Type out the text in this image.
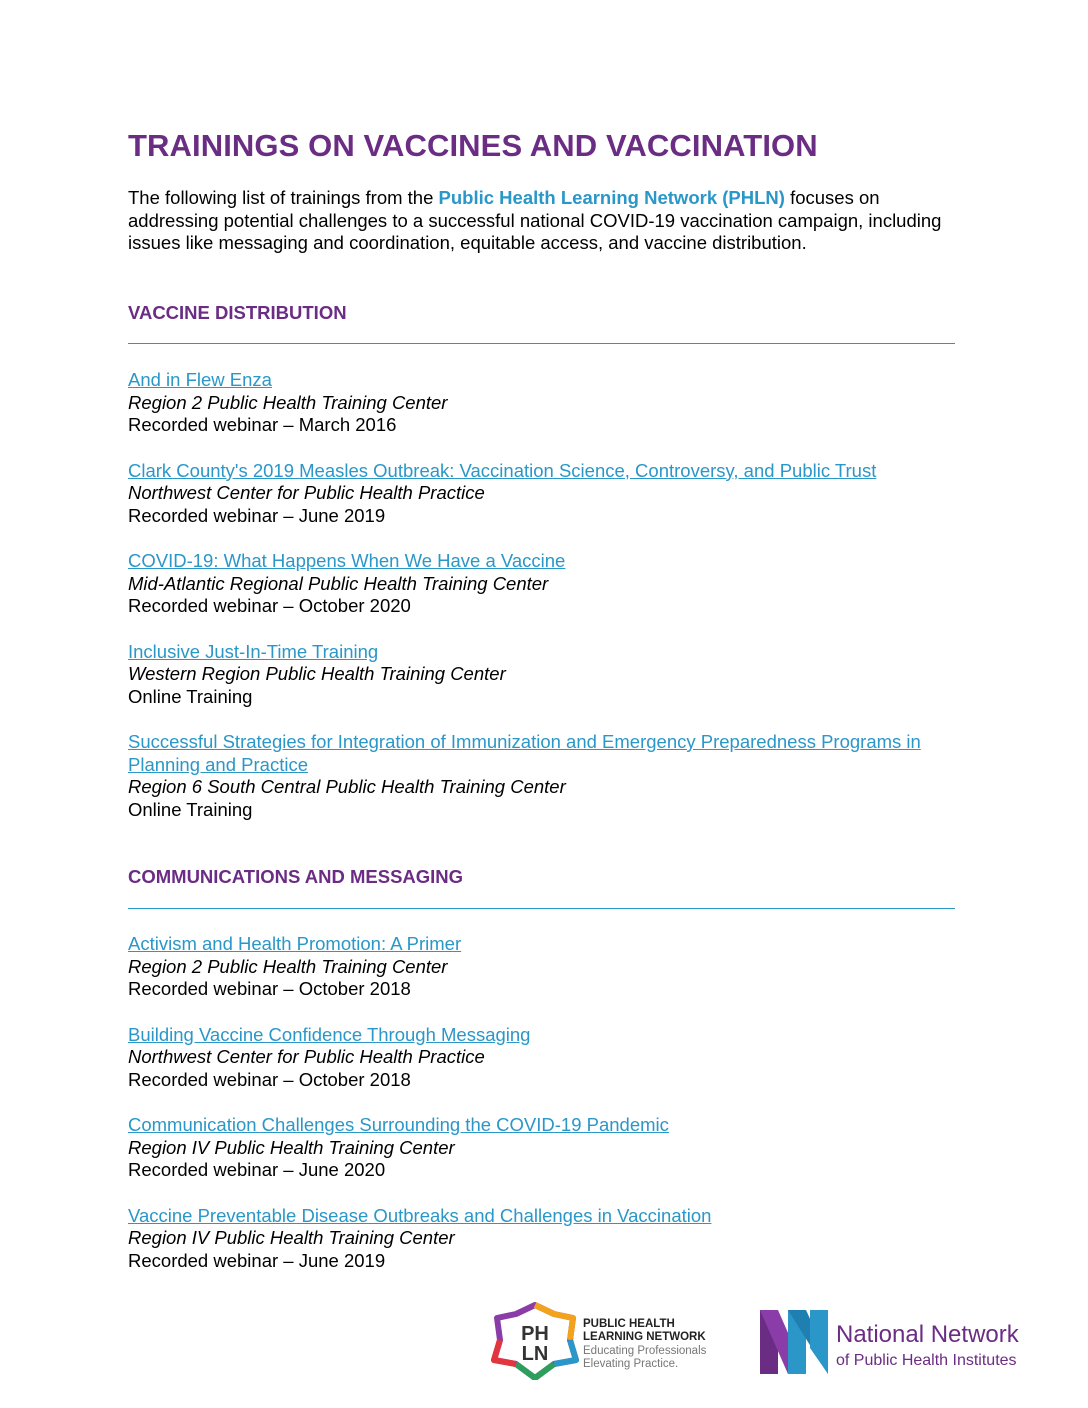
TRAININGS ON VACCINES AND VACCINATION

The following list of trainings from the Public Health Learning Network (PHLN) focuses on addressing potential challenges to a successful national COVID-19 vaccination campaign, including issues like messaging and coordination, equitable access, and vaccine distribution.

VACCINE DISTRIBUTION
And in Flew Enza
Region 2 Public Health Training Center
Recorded webinar – March 2016
Clark County's 2019 Measles Outbreak: Vaccination Science, Controversy, and Public Trust
Northwest Center for Public Health Practice
Recorded webinar – June 2019
COVID-19: What Happens When We Have a Vaccine
Mid-Atlantic Regional Public Health Training Center
Recorded webinar – October 2020
Inclusive Just-In-Time Training
Western Region Public Health Training Center
Online Training
Successful Strategies for Integration of Immunization and Emergency Preparedness Programs in Planning and Practice
Region 6 South Central Public Health Training Center
Online Training
COMMUNICATIONS AND MESSAGING
Activism and Health Promotion: A Primer
Region 2 Public Health Training Center
Recorded webinar – October 2018
Building Vaccine Confidence Through Messaging
Northwest Center for Public Health Practice
Recorded webinar – October 2018
Communication Challenges Surrounding the COVID-19 Pandemic
Region IV Public Health Training Center
Recorded webinar – June 2020
Vaccine Preventable Disease Outbreaks and Challenges in Vaccination
Region IV Public Health Training Center
Recorded webinar – June 2019
PH
LN
PUBLIC HEALTH
LEARNING NETWORK
Educating Professionals
Elevating Practice.
National Network
of Public Health Institutes
